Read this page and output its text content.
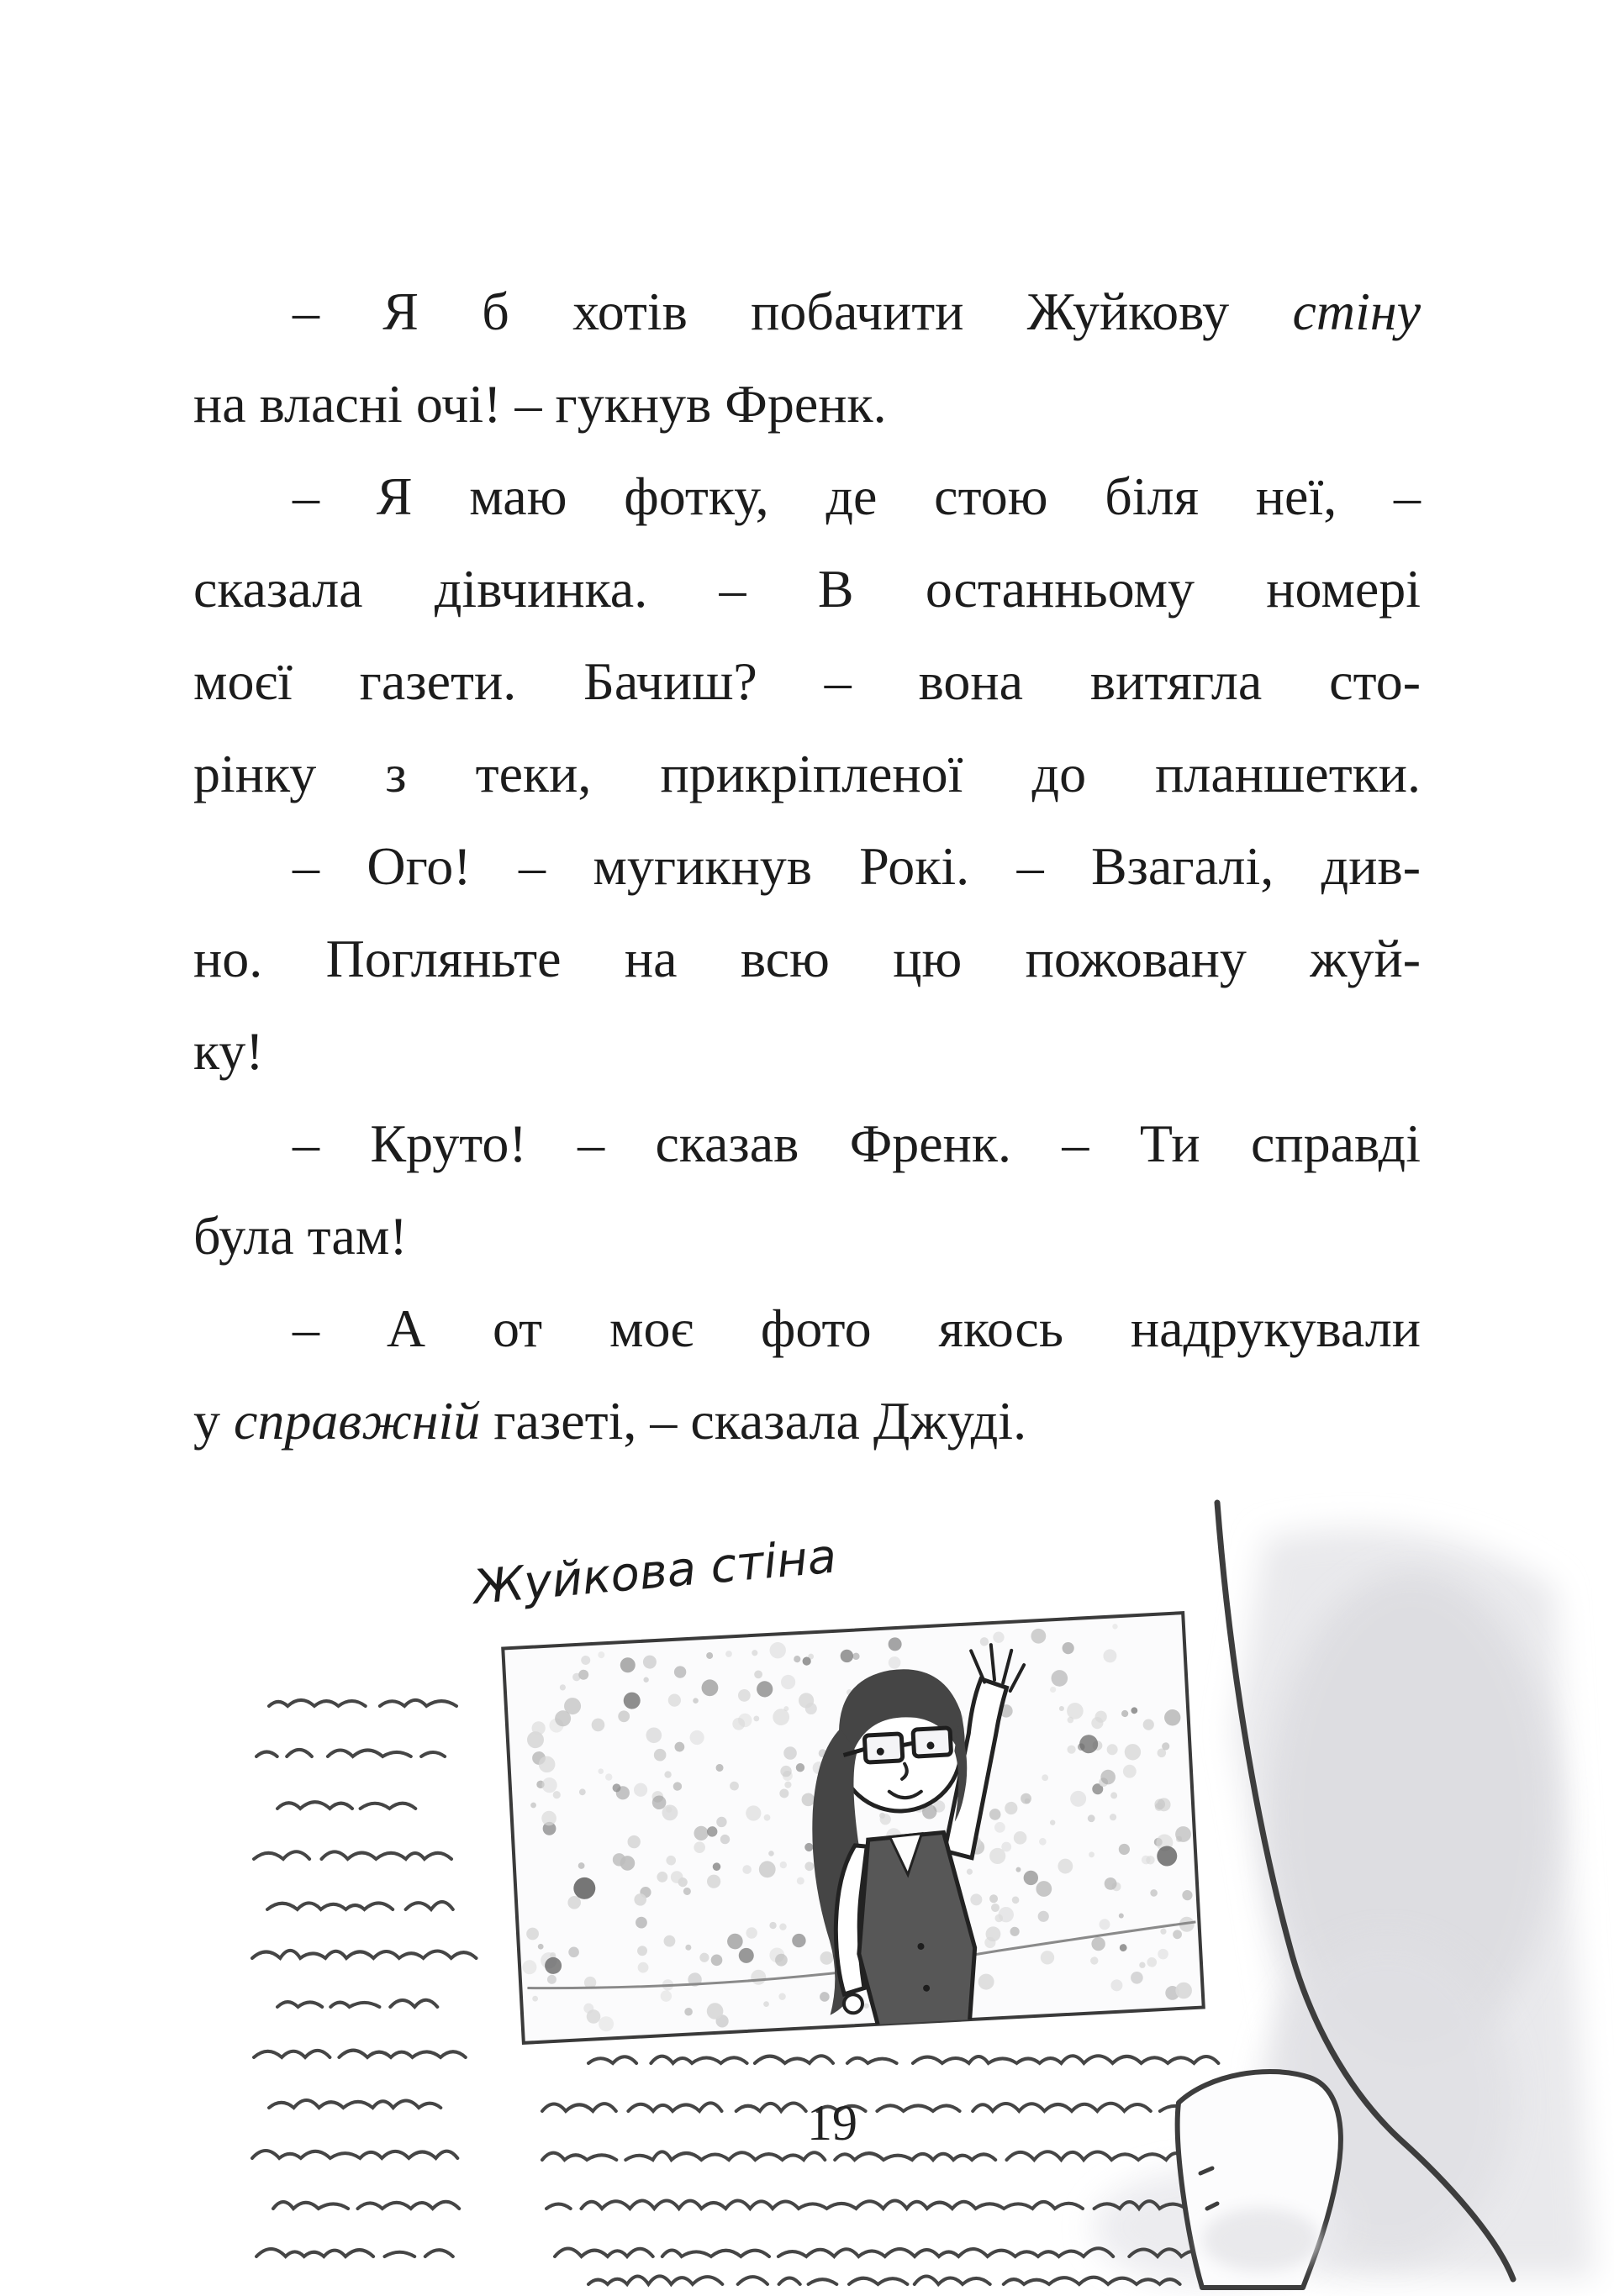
– Я б хотів побачити Жуйкову стіну
на власні очі! – гукнув Френк.
– Я маю фотку, де стою біля неї, –
сказала дівчинка. – В останньому номері
моєї газети. Бачиш? – вона витягла сто-
рінку з теки, прикріпленої до планшетки.
– Ого! – мугикнув Рокі. – Взагалі, див-
но. Погляньте на всю цю пожовану жуй-
ку!
– Круто! – сказав Френк. – Ти справді
була там!
– А от моє фото якось надрукували
у справжній газеті, – сказала Джуді.
Жуйкова стіна
19
